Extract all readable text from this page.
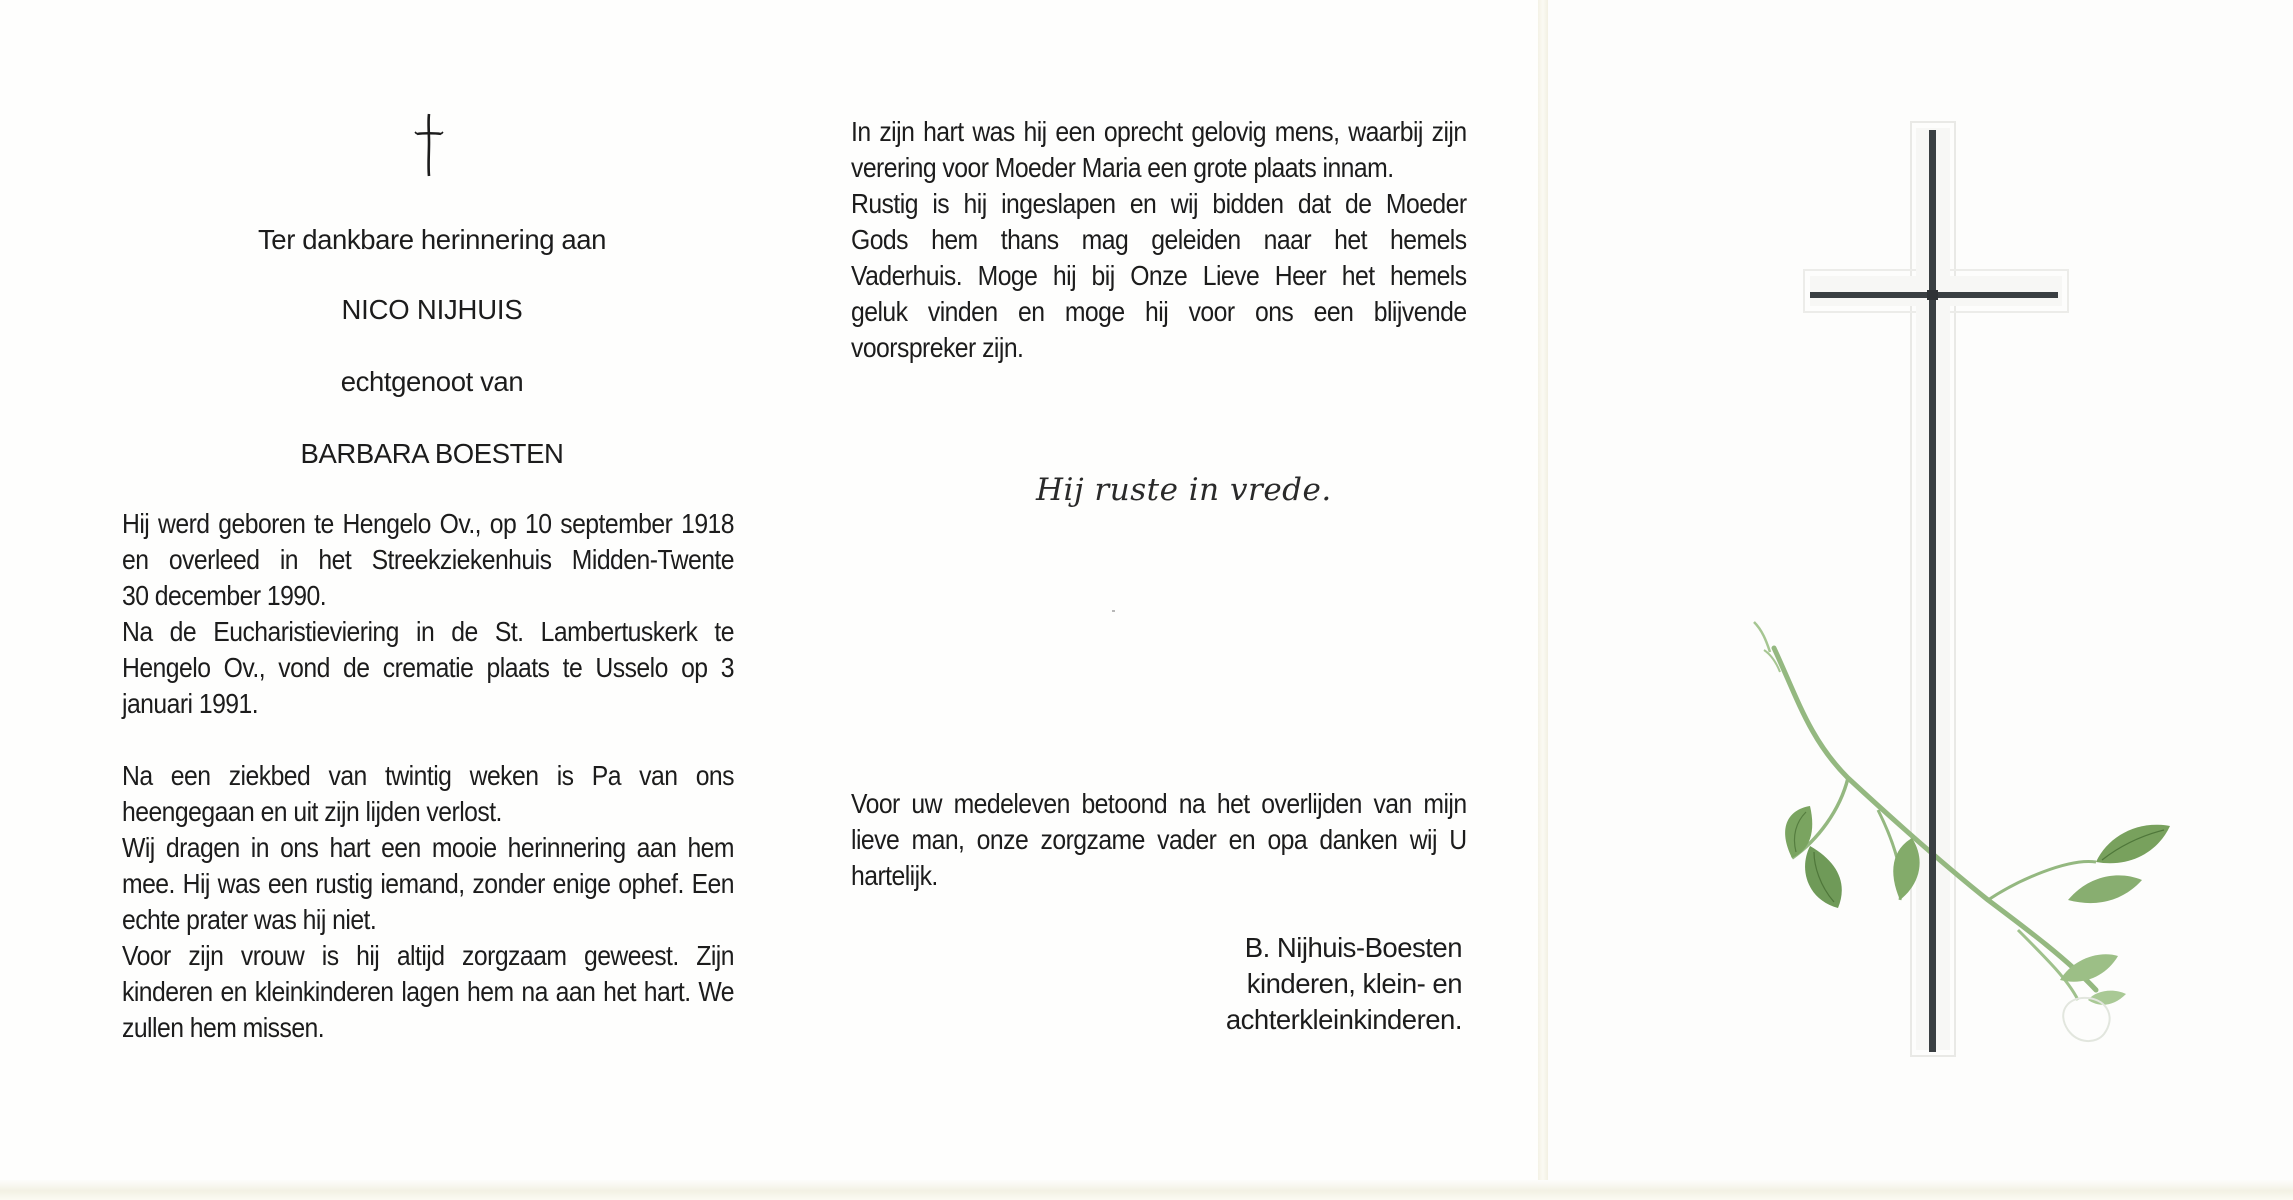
Ter dankbare herinnering aan
NICO NIJHUIS
echtgenoot van
BARBARA BOESTEN
Hij werd geboren te Hengelo Ov., op 10 september 1918
en overleed in het Streekziekenhuis Midden-Twente
30 december 1990.
Na de Eucharistieviering in de St. Lambertuskerk te
Hengelo Ov., vond de crematie plaats te Usselo op 3
januari 1991.
Na een ziekbed van twintig weken is Pa van ons
heengegaan en uit zijn lijden verlost.
Wij dragen in ons hart een mooie herinnering aan hem
mee. Hij was een rustig iemand, zonder enige ophef. Een
echte prater was hij niet.
Voor zijn vrouw is hij altijd zorgzaam geweest. Zijn
kinderen en kleinkinderen lagen hem na aan het hart. We
zullen hem missen.
In zijn hart was hij een oprecht gelovig mens, waarbij zijn
verering voor Moeder Maria een grote plaats innam.
Rustig is hij ingeslapen en wij bidden dat de Moeder
Gods hem thans mag geleiden naar het hemels
Vaderhuis. Moge hij bij Onze Lieve Heer het hemels
geluk vinden en moge hij voor ons een blijvende
voorspreker zijn.
Hij ruste in vrede.
Voor uw medeleven betoond na het overlijden van mijn
lieve man, onze zorgzame vader en opa danken wij U
hartelijk.
B. Nijhuis-Boesten
kinderen, klein- en
achterkleinkinderen.
